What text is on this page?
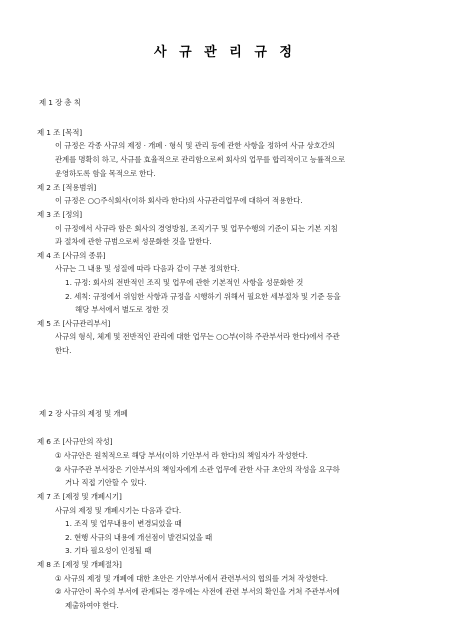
사 규 관 리 규 정
제 1 장 총 칙
제 1 조 [목적]
이 규정은 각종 사규의 제정 · 개폐 · 형식 및 관리 등에 관한 사항을 정하여 사규 상호간의
관계를 명확히 하고, 사규를 효율적으로 관리함으로써 회사의 업무를 합리적이고 능률적으로
운영하도록 함을 목적으로 한다.
제 2 조 [적용범위]
이 규정은 ○○주식회사(이하 회사라 한다)의 사규관리업무에 대하여 적용한다.
제 3 조 [정의]
이 규정에서 사규라 함은 회사의 경영방침, 조직기구 및 업무수행의 기준이 되는 기본 지침
과 절차에 관한 규범으로써 성문화한 것을 말한다.
제 4 조 [사규의 종류]
사규는 그 내용 및 성질에 따라 다음과 같이 구분 정의한다.
1. 규정: 회사의 전반적인 조직 및 업무에 관한 기본적인 사항을 성문화한 것
2. 세칙: 규정에서 위임한 사항과 규정을 시행하기 위해서 필요한 세부절차 및 기준 등을
해당 부서에서 별도로 정한 것
제 5 조 [사규관리부서]
사규의 형식, 체계 및 전반적인 관리에 대한 업무는 ○○부(이하 주관부서라 한다)에서 주관
한다.
제 2 장 사규의 제정 및 개폐
제 6 조 [사규안의 작성]
① 사규안은 원칙적으로 해당 부서(이하 기안부서 라 한다)의 책임자가 작성한다.
② 사규주관 부서장은 기안부서의 책임자에게 소관 업무에 관한 사규 초안의 작성을 요구하
거나 직접 기안할 수 있다.
제 7 조 [제정 및 개폐시기]
사규의 제정 및 개폐시기는 다음과 같다.
1. 조직 및 업무내용이 변경되었을 때
2. 현행 사규의 내용에 개선점이 발견되었을 때
3. 기타 필요성이 인정될 때
제 8 조 [제정 및 개폐절차]
① 사규의 제정 및 개폐에 대한 초안은 기안부서에서 관련부서의 협의를 거쳐 작성한다.
② 사규안이 복수의 부서에 관계되는 경우에는 사전에 관련 부서의 확인을 거쳐 주관부서에
제출하여야 한다.
